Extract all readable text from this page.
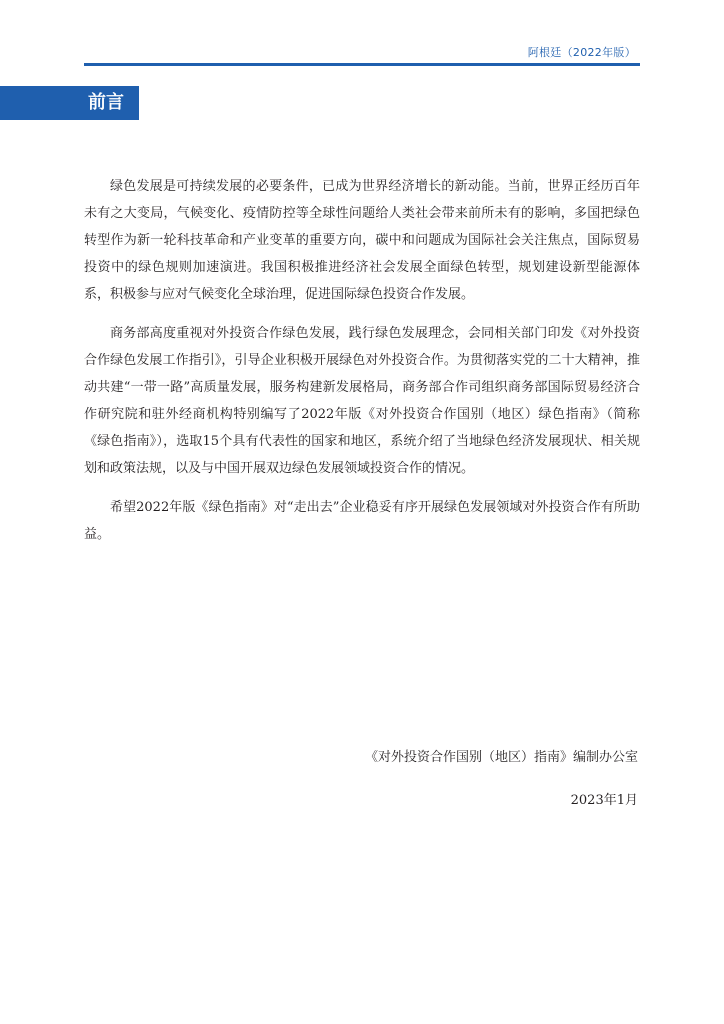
阿根廷（2022年版）
前言

绿色发展是可持续发展的必要条件，已成为世界经济增长的新动能。当前，世界正经历百年未有之大变局，气候变化、疫情防控等全球性问题给人类社会带来前所未有的影响，多国把绿色转型作为新一轮科技革命和产业变革的重要方向，碳中和问题成为国际社会关注焦点，国际贸易投资中的绿色规则加速演进。我国积极推进经济社会发展全面绿色转型，规划建设新型能源体系，积极参与应对气候变化全球治理，促进国际绿色投资合作发展。

商务部高度重视对外投资合作绿色发展，践行绿色发展理念，会同相关部门印发《对外投资合作绿色发展工作指引》，引导企业积极开展绿色对外投资合作。为贯彻落实党的二十大精神，推动共建“一带一路”高质量发展，服务构建新发展格局，商务部合作司组织商务部国际贸易经济合作研究院和驻外经商机构特别编写了2022年版《对外投资合作国别（地区）绿色指南》（简称《绿色指南》），选取15个具有代表性的国家和地区，系统介绍了当地绿色经济发展现状、相关规划和政策法规，以及与中国开展双边绿色发展领域投资合作的情况。

希望2022年版《绿色指南》对“走出去”企业稳妥有序开展绿色发展领域对外投资合作有所助益。

《对外投资合作国别（地区）指南》编制办公室
2023年1月
